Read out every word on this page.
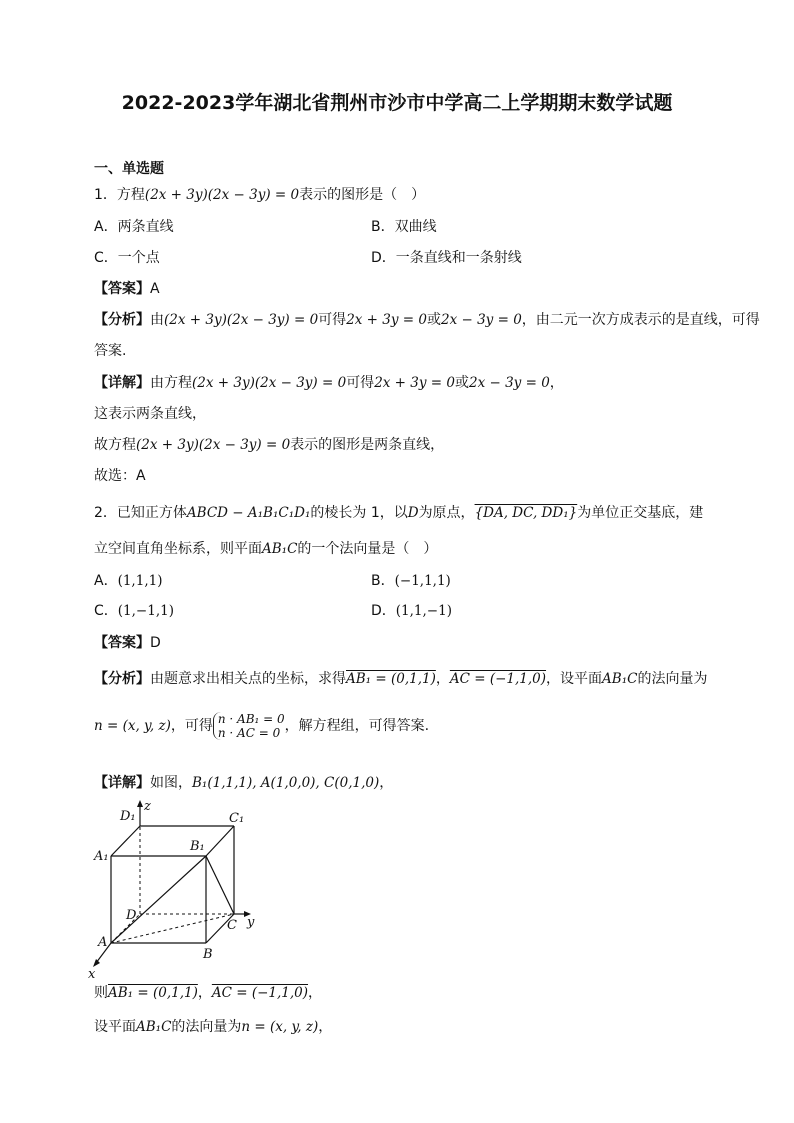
2022-2023学年湖北省荆州市沙市中学高二上学期期末数学试题
一、单选题
1．方程(2x + 3y)(2x − 3y) = 0表示的图形是（　）
A．两条直线	B．双曲线
C．一个点	D．一条直线和一条射线
【答案】A
【分析】由(2x + 3y)(2x − 3y) = 0可得2x + 3y = 0或2x − 3y = 0，由二元一次方成表示的是直线，可得
答案.
【详解】由方程(2x + 3y)(2x − 3y) = 0可得2x + 3y = 0或2x − 3y = 0，
这表示两条直线，
故方程(2x + 3y)(2x − 3y) = 0表示的图形是两条直线，
故选：A
2．已知正方体ABCD − A₁B₁C₁D₁的棱长为 1，以D为原点，{DA, DC, DD₁}为单位正交基底，建
立空间直角坐标系，则平面AB₁C的一个法向量是（　）
A．(1,1,1)	B．(−1,1,1)
C．(1,−1,1)	D．(1,1,−1)
【答案】D
【分析】由题意求出相关点的坐标，求得AB₁ = (0,1,1)，AC = (−1,1,0)，设平面AB₁C的法向量为
n = (x, y, z)，可得 n · AB₁ = 0
n · AC = 0 ，解方程组，可得答案.
【详解】如图，B₁(1,1,1), A(1,0,0), C(0,1,0)，
D₁	C₁
A₁
B₁
D
C
A
B
x
y
z
则AB₁ = (0,1,1)，AC = (−1,1,0)，
设平面AB₁C的法向量为n = (x, y, z)，
